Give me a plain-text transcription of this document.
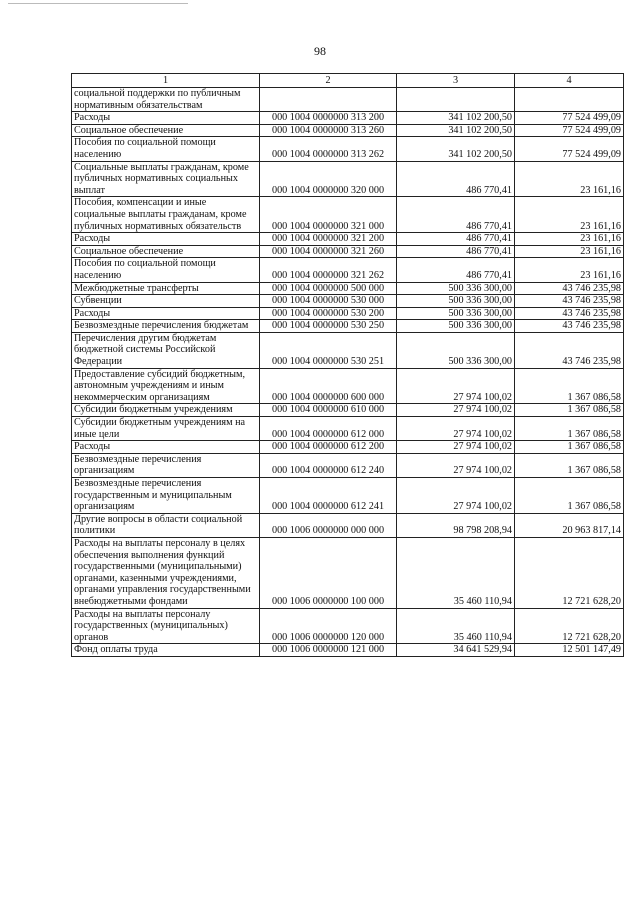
98
1	2	3	4
социальной поддержки по публичным нормативным обязательствам			
Расходы	000 1004 0000000 313 200	341 102 200,50	77 524 499,09
Социальное обеспечение	000 1004 0000000 313 260	341 102 200,50	77 524 499,09
Пособия по социальной помощи населению	000 1004 0000000 313 262	341 102 200,50	77 524 499,09
Социальные выплаты гражданам, кроме публичных нормативных социальных выплат	000 1004 0000000 320 000	486 770,41	23 161,16
Пособия, компенсации и иные социальные выплаты гражданам, кроме публичных нормативных обязательств	000 1004 0000000 321 000	486 770,41	23 161,16
Расходы	000 1004 0000000 321 200	486 770,41	23 161,16
Социальное обеспечение	000 1004 0000000 321 260	486 770,41	23 161,16
Пособия по социальной помощи населению	000 1004 0000000 321 262	486 770,41	23 161,16
Межбюджетные трансферты	000 1004 0000000 500 000	500 336 300,00	43 746 235,98
Субвенции	000 1004 0000000 530 000	500 336 300,00	43 746 235,98
Расходы	000 1004 0000000 530 200	500 336 300,00	43 746 235,98
Безвозмездные перечисления бюджетам	000 1004 0000000 530 250	500 336 300,00	43 746 235,98
Перечисления другим бюджетам бюджетной системы Российской Федерации	000 1004 0000000 530 251	500 336 300,00	43 746 235,98
Предоставление субсидий бюджетным, автономным учреждениям и иным некоммерческим организациям	000 1004 0000000 600 000	27 974 100,02	1 367 086,58
Субсидии бюджетным учреждениям	000 1004 0000000 610 000	27 974 100,02	1 367 086,58
Субсидии бюджетным учреждениям на иные цели	000 1004 0000000 612 000	27 974 100,02	1 367 086,58
Расходы	000 1004 0000000 612 200	27 974 100,02	1 367 086,58
Безвозмездные перечисления организациям	000 1004 0000000 612 240	27 974 100,02	1 367 086,58
Безвозмездные перечисления государственным и муниципальным организациям	000 1004 0000000 612 241	27 974 100,02	1 367 086,58
Другие вопросы в области социальной политики	000 1006 0000000 000 000	98 798 208,94	20 963 817,14
Расходы на выплаты персоналу в целях обеспечения выполнения функций государственными (муниципальными) органами, казенными учреждениями, органами управления государственными внебюджетными фондами	000 1006 0000000 100 000	35 460 110,94	12 721 628,20
Расходы на выплаты персоналу государственных (муниципальных) органов	000 1006 0000000 120 000	35 460 110,94	12 721 628,20
Фонд оплаты труда	000 1006 0000000 121 000	34 641 529,94	12 501 147,49
